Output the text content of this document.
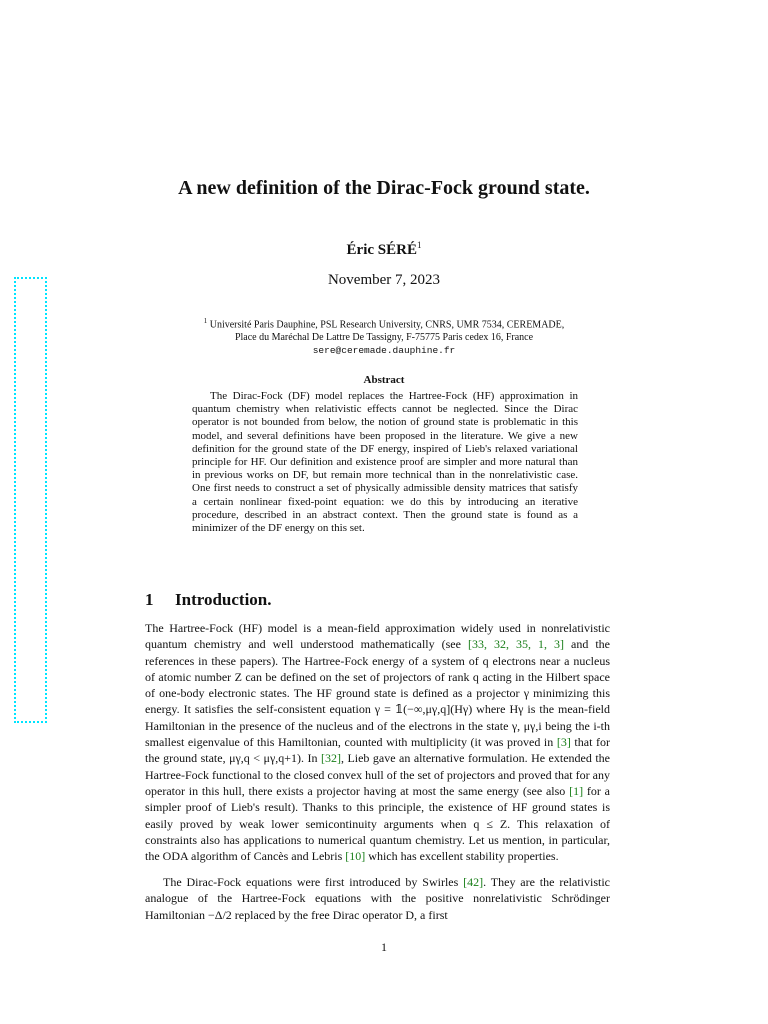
A new definition of the Dirac-Fock ground state.
Éric SÉRÉ$^1$
November 7, 2023
$^1$ Université Paris Dauphine, PSL Research University, CNRS, UMR 7534, CEREMADE,
Place du Maréchal De Lattre De Tassigny, F-75775 Paris cedex 16, France
sere@ceremade.dauphine.fr
Abstract
The Dirac-Fock (DF) model replaces the Hartree-Fock (HF) approximation in quantum chemistry when relativistic effects cannot be neglected. Since the Dirac operator is not bounded from below, the notion of ground state is problematic in this model, and several definitions have been proposed in the literature. We give a new definition for the ground state of the DF energy, inspired of Lieb's relaxed variational principle for HF. Our definition and existence proof are simpler and more natural than in previous works on DF, but remain more technical than in the nonrelativistic case. One first needs to construct a set of physically admissible density matrices that satisfy a certain nonlinear fixed-point equation: we do this by introducing an iterative procedure, described in an abstract context. Then the ground state is found as a minimizer of the DF energy on this set.
1 Introduction.
The Hartree-Fock (HF) model is a mean-field approximation widely used in nonrelativistic quantum chemistry and well understood mathematically (see [33, 32, 35, 1, 3] and the references in these papers). The Hartree-Fock energy of a system of q electrons near a nucleus of atomic number Z can be defined on the set of projectors of rank q acting in the Hilbert space of one-body electronic states. The HF ground state is defined as a projector γ minimizing this energy. It satisfies the self-consistent equation γ = 𝟙(−∞,μγ,q](Hγ) where Hγ is the mean-field Hamiltonian in the presence of the nucleus and of the electrons in the state γ, μγ,i being the i-th smallest eigenvalue of this Hamiltonian, counted with multiplicity (it was proved in [3] that for the ground state, μγ,q < μγ,q+1). In [32], Lieb gave an alternative formulation. He extended the Hartree-Fock functional to the closed convex hull of the set of projectors and proved that for any operator in this hull, there exists a projector having at most the same energy (see also [1] for a simpler proof of Lieb's result). Thanks to this principle, the existence of HF ground states is easily proved by weak lower semicontinuity arguments when q ≤ Z. This relaxation of constraints also has applications to numerical quantum chemistry. Let us mention, in particular, the ODA algorithm of Cancès and Lebris [10] which has excellent stability properties.
The Dirac-Fock equations were first introduced by Swirles [42]. They are the relativistic analogue of the Hartree-Fock equations with the positive nonrelativistic Schrödinger Hamiltonian −Δ/2 replaced by the free Dirac operator D, a first
1
